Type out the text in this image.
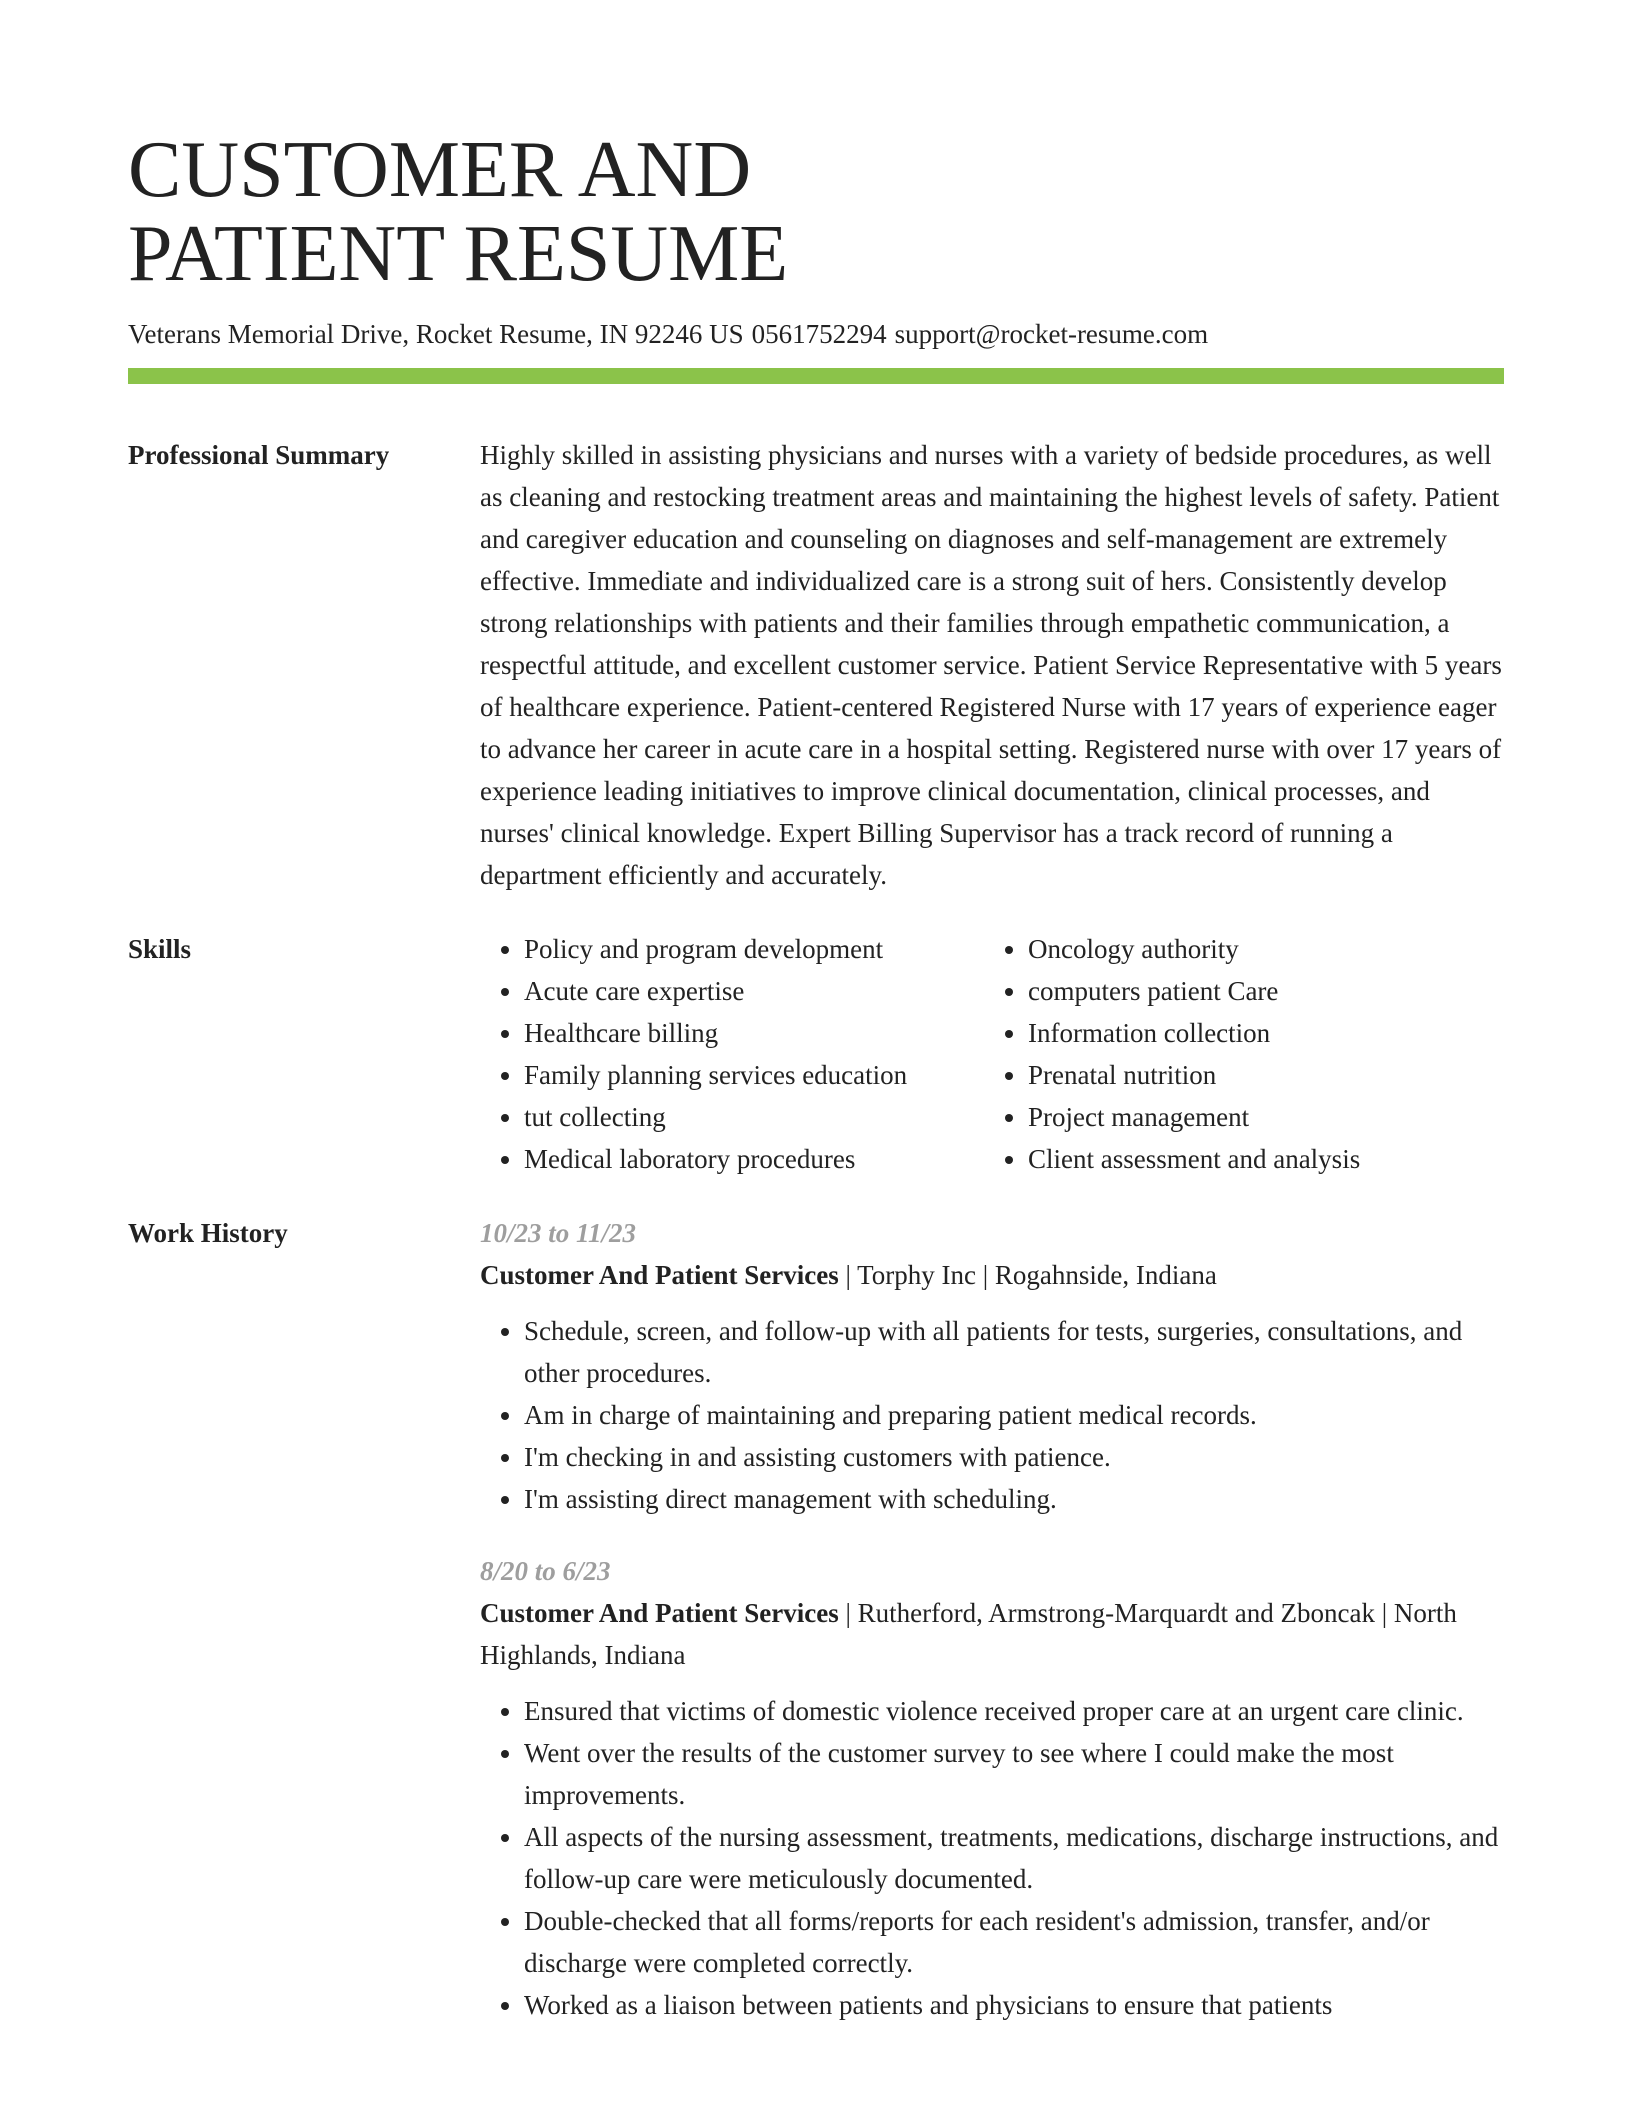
CUSTOMER AND
PATIENT RESUME
Veterans Memorial Drive, Rocket Resume, IN 92246 US 0561752294 support@rocket-resume.com
Professional Summary	Highly skilled in assisting physicians and nurses with a variety of bedside procedures, as well as cleaning and restocking treatment areas and maintaining the highest levels of safety. Patient and caregiver education and counseling on diagnoses and self-management are extremely effective. Immediate and individualized care is a strong suit of hers. Consistently develop strong relationships with patients and their families through empathetic communication, a respectful attitude, and excellent customer service. Patient Service Representative with 5 years of healthcare experience. Patient-centered Registered Nurse with 17 years of experience eager to advance her career in acute care in a hospital setting. Registered nurse with over 17 years of experience leading initiatives to improve clinical documentation, clinical processes, and nurses' clinical knowledge. Expert Billing Supervisor has a track record of running a department efficiently and accurately.
Skills
•	Policy and program development
• Acute care expertise
• Healthcare billing
• Family planning services education
• tut collecting
• Medical laboratory procedures
• Oncology authority
• computers patient Care
• Information collection
• Prenatal nutrition
• Project management
• Client assessment and analysis
Work History	10/23 to 11/23
Customer And Patient Services | Torphy Inc | Rogahnside, Indiana
• Schedule, screen, and follow-up with all patients for tests, surgeries, consultations, and other procedures.
• Am in charge of maintaining and preparing patient medical records.
• I'm checking in and assisting customers with patience.
• I'm assisting direct management with scheduling.
8/20 to 6/23
Customer And Patient Services | Rutherford, Armstrong-Marquardt and Zboncak | North Highlands, Indiana
• Ensured that victims of domestic violence received proper care at an urgent care clinic.
• Went over the results of the customer survey to see where I could make the most improvements.
• All aspects of the nursing assessment, treatments, medications, discharge instructions, and follow-up care were meticulously documented.
• Double-checked that all forms/reports for each resident's admission, transfer, and/or discharge were completed correctly.
• Worked as a liaison between patients and physicians to ensure that patients
